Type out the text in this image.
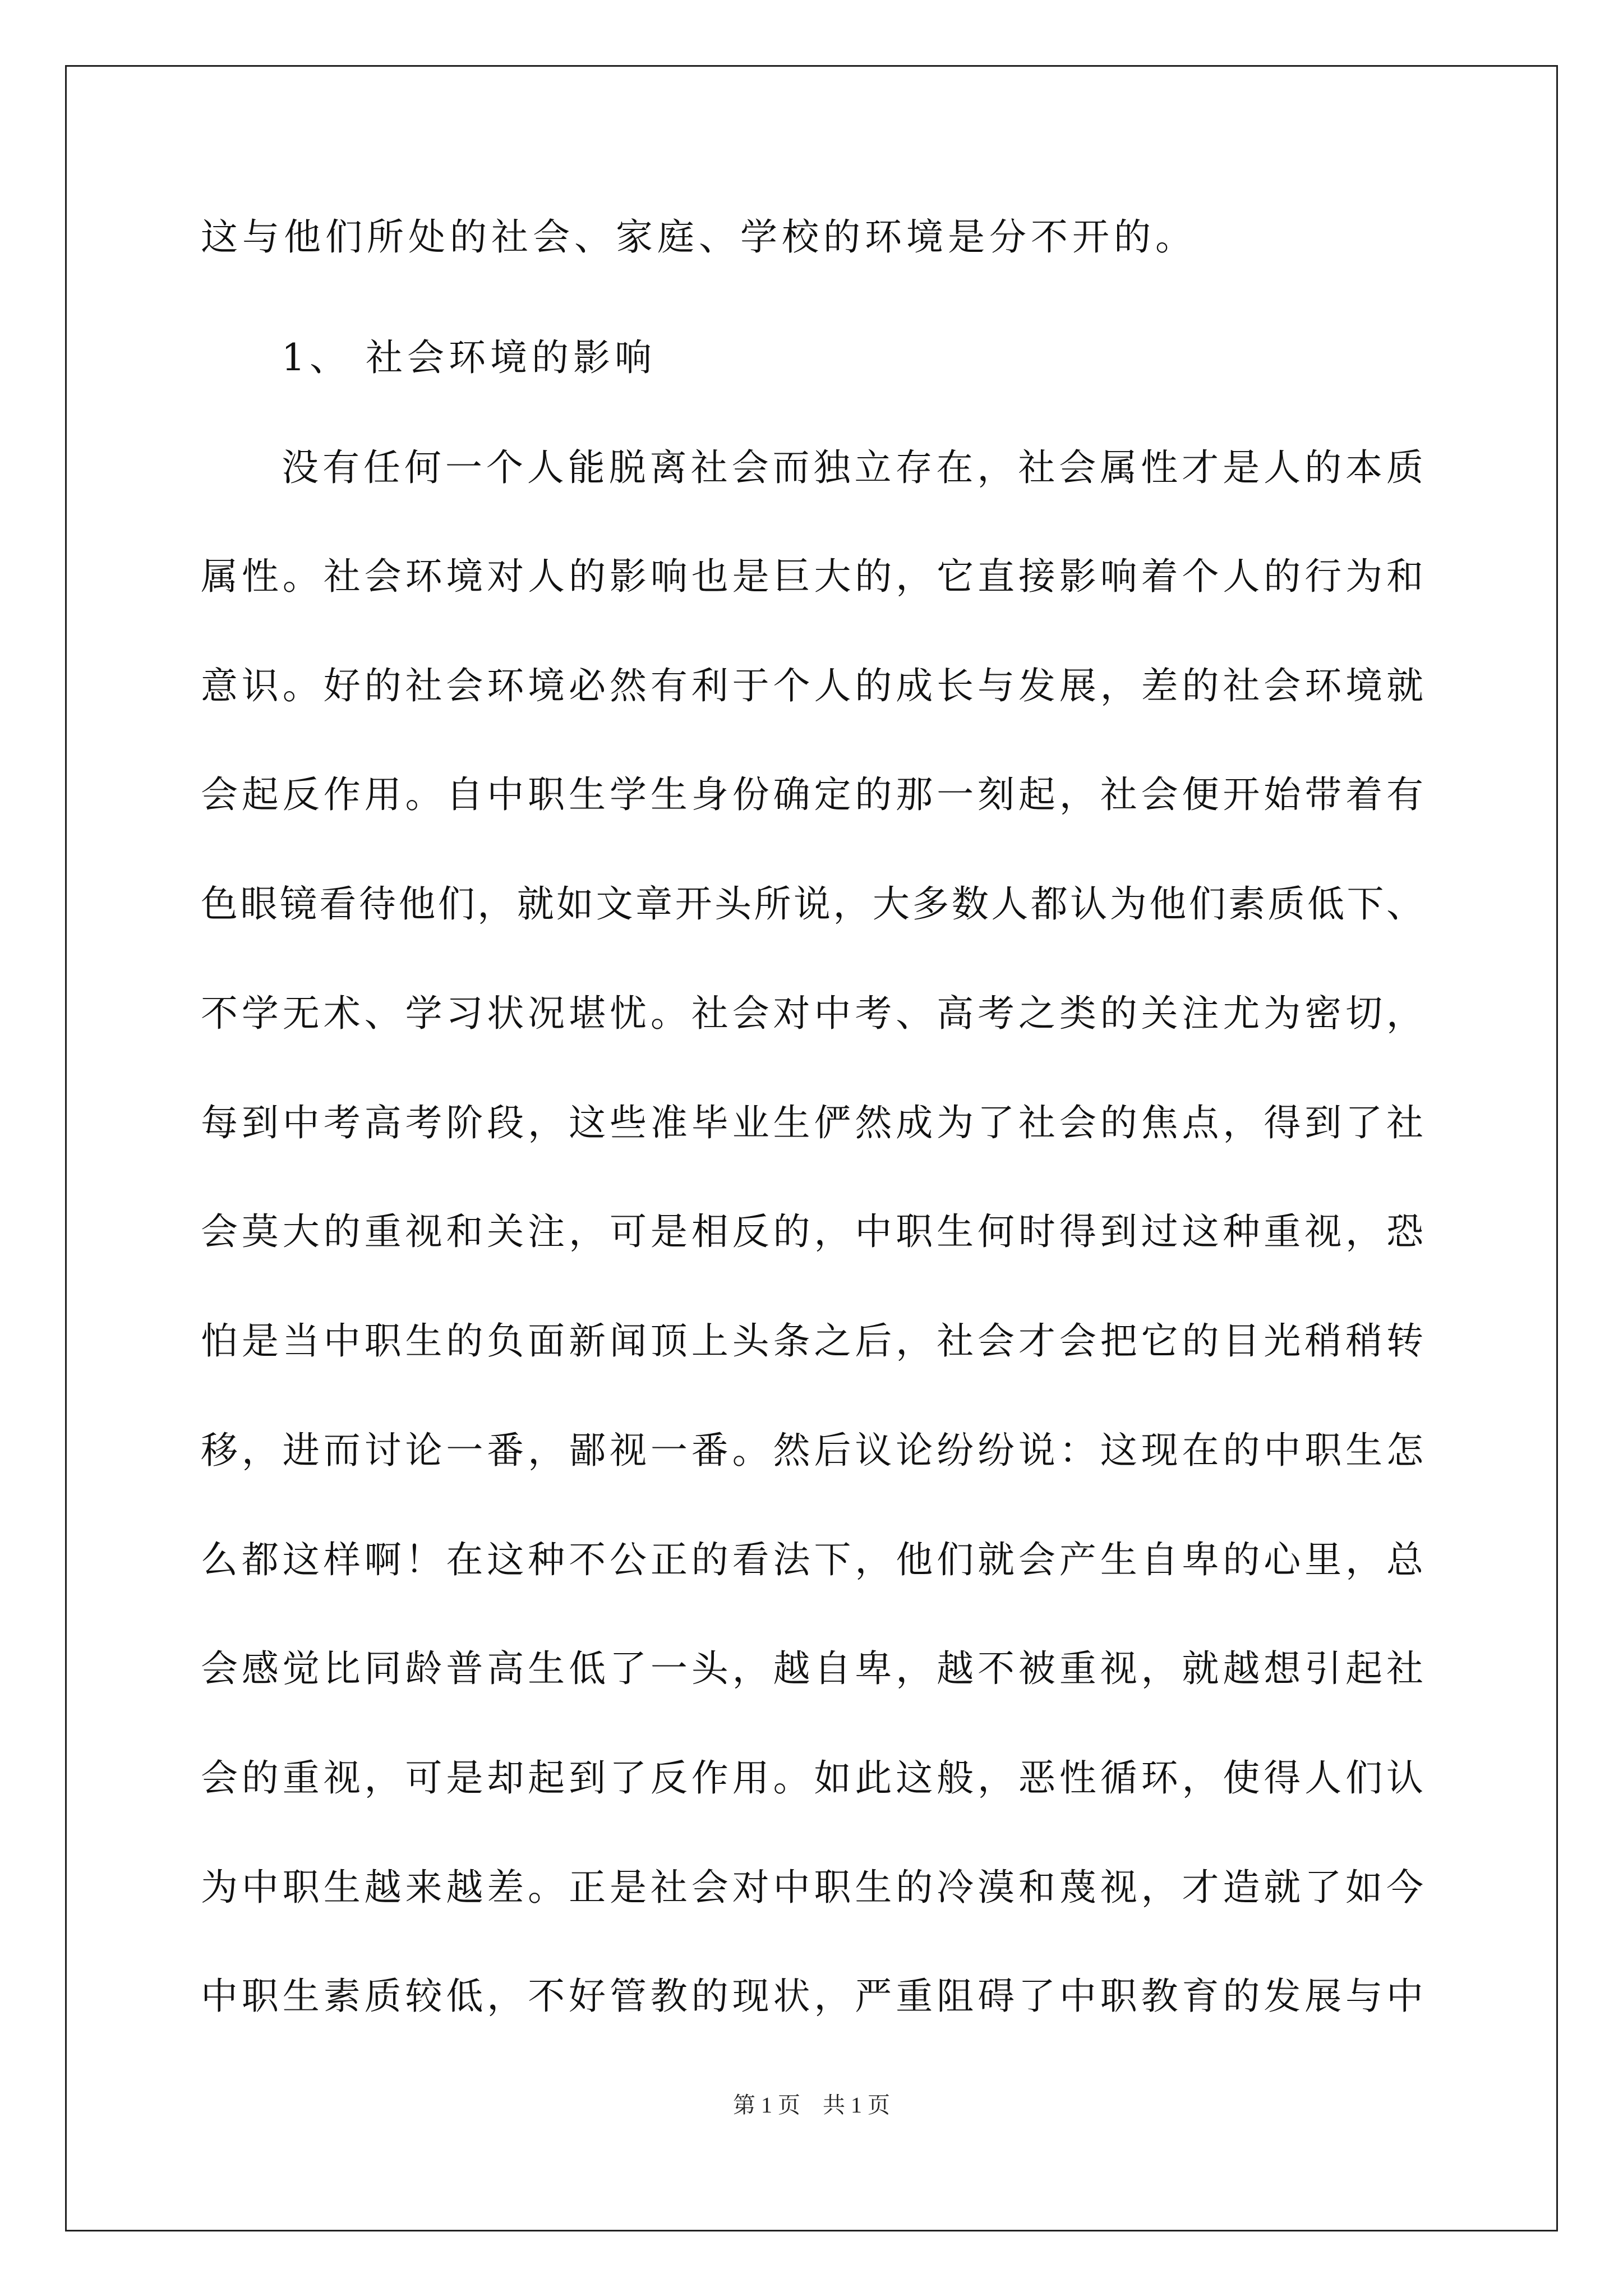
这与他们所处的社会、家庭、学校的环境是分不开的。
1、 社会环境的影响
没有任何一个人能脱离社会而独立存在，社会属性才是人的本质
属性。社会环境对人的影响也是巨大的，它直接影响着个人的行为和
意识。好的社会环境必然有利于个人的成长与发展，差的社会环境就
会起反作用。自中职生学生身份确定的那一刻起，社会便开始带着有
色眼镜看待他们，就如文章开头所说，大多数人都认为他们素质低下、
不学无术、学习状况堪忧。社会对中考、高考之类的关注尤为密切，
每到中考高考阶段，这些准毕业生俨然成为了社会的焦点，得到了社
会莫大的重视和关注，可是相反的，中职生何时得到过这种重视，恐
怕是当中职生的负面新闻顶上头条之后，社会才会把它的目光稍稍转
移，进而讨论一番，鄙视一番。然后议论纷纷说：这现在的中职生怎
么都这样啊！在这种不公正的看法下，他们就会产生自卑的心里，总
会感觉比同龄普高生低了一头，越自卑，越不被重视，就越想引起社
会的重视，可是却起到了反作用。如此这般，恶性循环，使得人们认
为中职生越来越差。正是社会对中职生的冷漠和蔑视，才造就了如今
中职生素质较低，不好管教的现状，严重阻碍了中职教育的发展与中
第 1 页 共 1 页
